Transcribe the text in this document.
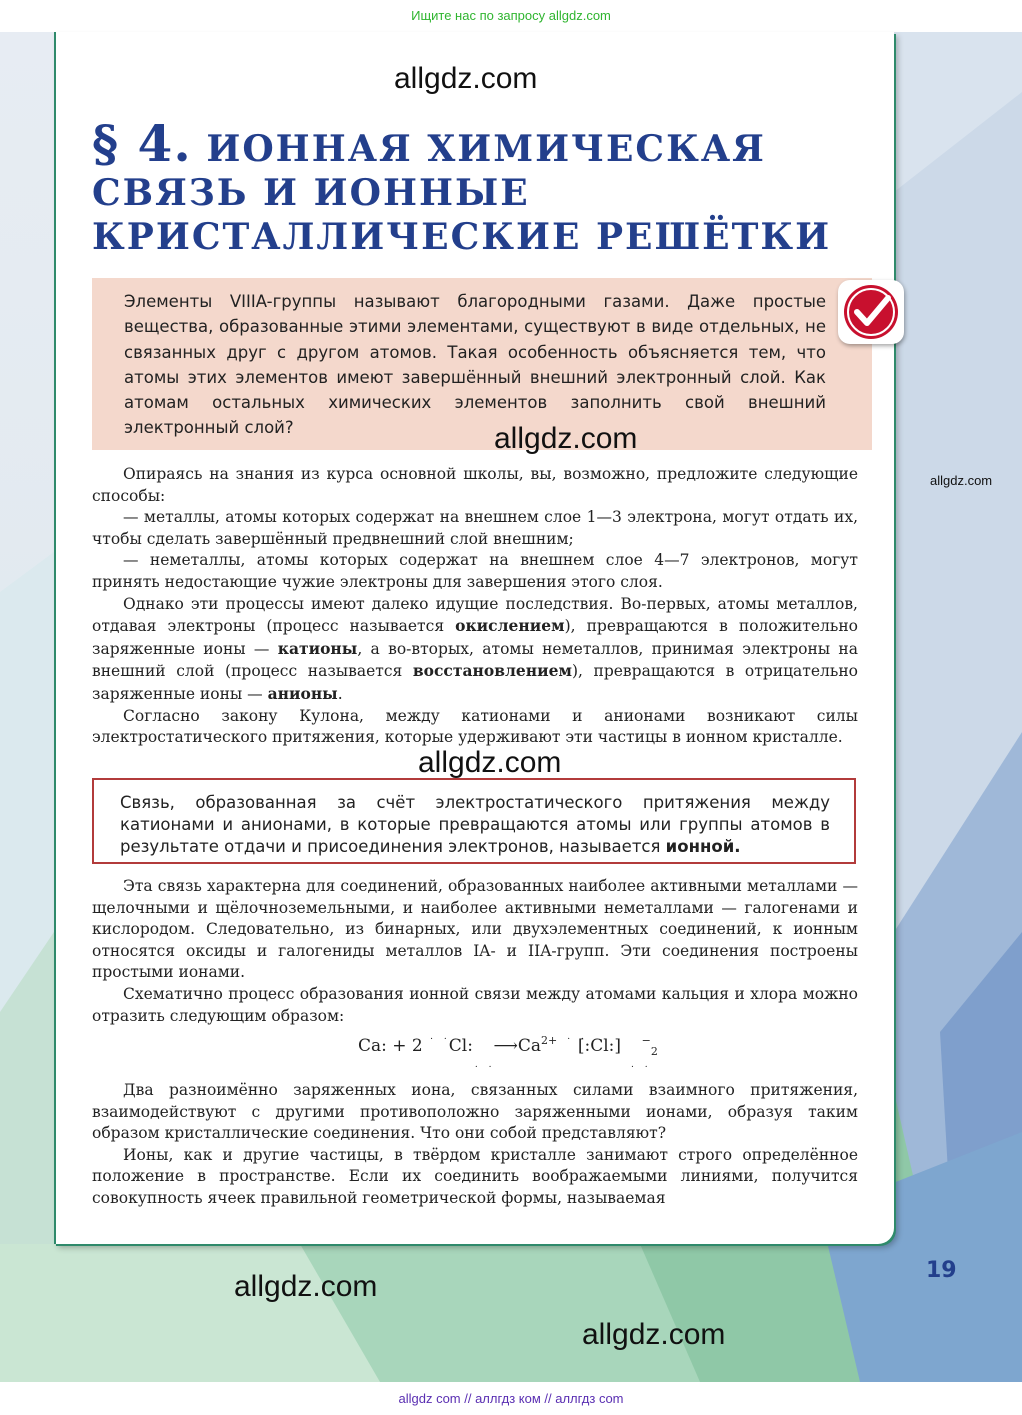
Ищите нас по запросу allgdz.com
allgdz.com
§ 4. ИОННАЯ ХИМИЧЕСКАЯ
СВЯЗЬ И ИОННЫЕ
КРИСТАЛЛИЧЕСКИЕ РЕШЁТКИ

Элементы VIIIA-группы называют благородными газами. Даже простые вещества, образованные этими элементами, существуют в виде отдельных, не связанных друг с другом атомов. Такая особенность объясняется тем, что атомы этих элементов имеют завершённый внешний электронный слой. Как атомам остальных химических элементов заполнить свой внешний электронный слой?	allgdz.com
allgdz.com

Опираясь на знания из курса основной школы, вы, возможно, предложите следующие способы:

— металлы, атомы которых содержат на внешнем слое 1—3 электрона, могут отдать их, чтобы сделать завершённый предвнешний слой внешним;

— неметаллы, атомы которых содержат на внешнем слое 4—7 электронов, могут принять недостающие чужие электроны для завершения этого слоя.

Однако эти процессы имеют далеко идущие последствия. Во-первых, атомы металлов, отдавая электроны (процесс называется окислением), превращаются в положительно заряженные ионы — катионы, а во-вторых, атомы неметаллов, принимая электроны на внешний слой (процесс называется восстановлением), превращаются в отрицательно заряженные ионы — анионы.

Согласно закону Кулона, между катионами и анионами возникают силы электростатического притяжения, которые удерживают эти частицы в ионном кристалле.

allgdz.com

Связь, образованная за счёт электростатического притяжения между катионами и анионами, в которые превращаются атомы или группы атомов в результате отдачи и присоединения электронов, называется ионной.

Эта связь характерна для соединений, образованных наиболее активными металлами — щелочными и щёлочноземельными, и наиболее активными неметаллами — галогенами и кислородом. Следовательно, из бинарных, или двухэлементных соединений, к ионным относятся оксиды и галогениды металлов IA- и IIA-групп. Эти соединения построены простыми ионами.

Схематично процесс образования ионной связи между атомами кальция и хлора можно отразить следующим образом:

Ca: + 2 $^{. .}Cl:_{. .}⟶Ca^{2+}$ $^{. .}[:Cl:]_{. .}^-_2$

Два разноимённо заряженных иона, связанных силами взаимного притяжения, взаимодействуют с другими противоположно заряженными ионами, образуя таким образом кристаллические соединения. Что они собой представляют?

Ионы, как и другие частицы, в твёрдом кристалле занимают строго определённое положение в пространстве. Если их соединить воображаемыми линиями, получится совокупность ячеек правильной геометрической формы, называемая

19
allgdz.com
allgdz.com
allgdz com // аллгдз ком // аллгдз com
